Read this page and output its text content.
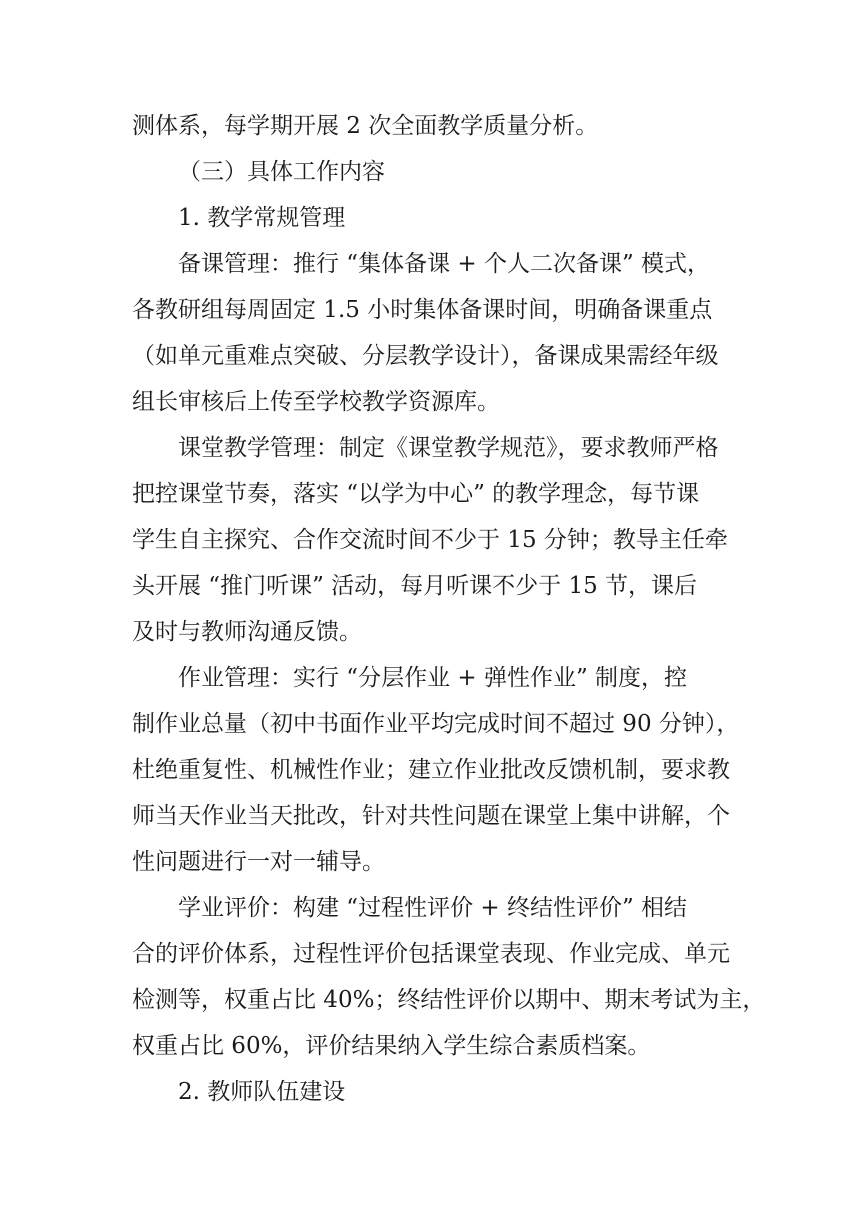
测体系，每学期开展 2 次全面教学质量分析。
（三）具体工作内容
1. 教学常规管理
备课管理：推行 “集体备课 + 个人二次备课” 模式，
各教研组每周固定 1.5 小时集体备课时间，明确备课重点
（如单元重难点突破、分层教学设计），备课成果需经年级
组长审核后上传至学校教学资源库。
课堂教学管理：制定《课堂教学规范》，要求教师严格
把控课堂节奏，落实 “以学为中心” 的教学理念，每节课
学生自主探究、合作交流时间不少于 15 分钟；教导主任牵
头开展 “推门听课” 活动，每月听课不少于 15 节，课后
及时与教师沟通反馈。
作业管理：实行 “分层作业 + 弹性作业” 制度，控
制作业总量（初中书面作业平均完成时间不超过 90 分钟），
杜绝重复性、机械性作业；建立作业批改反馈机制，要求教
师当天作业当天批改，针对共性问题在课堂上集中讲解，个
性问题进行一对一辅导。
学业评价：构建 “过程性评价 + 终结性评价” 相结
合的评价体系，过程性评价包括课堂表现、作业完成、单元
检测等，权重占比 40%；终结性评价以期中、期末考试为主，
权重占比 60%，评价结果纳入学生综合素质档案。
2. 教师队伍建设
